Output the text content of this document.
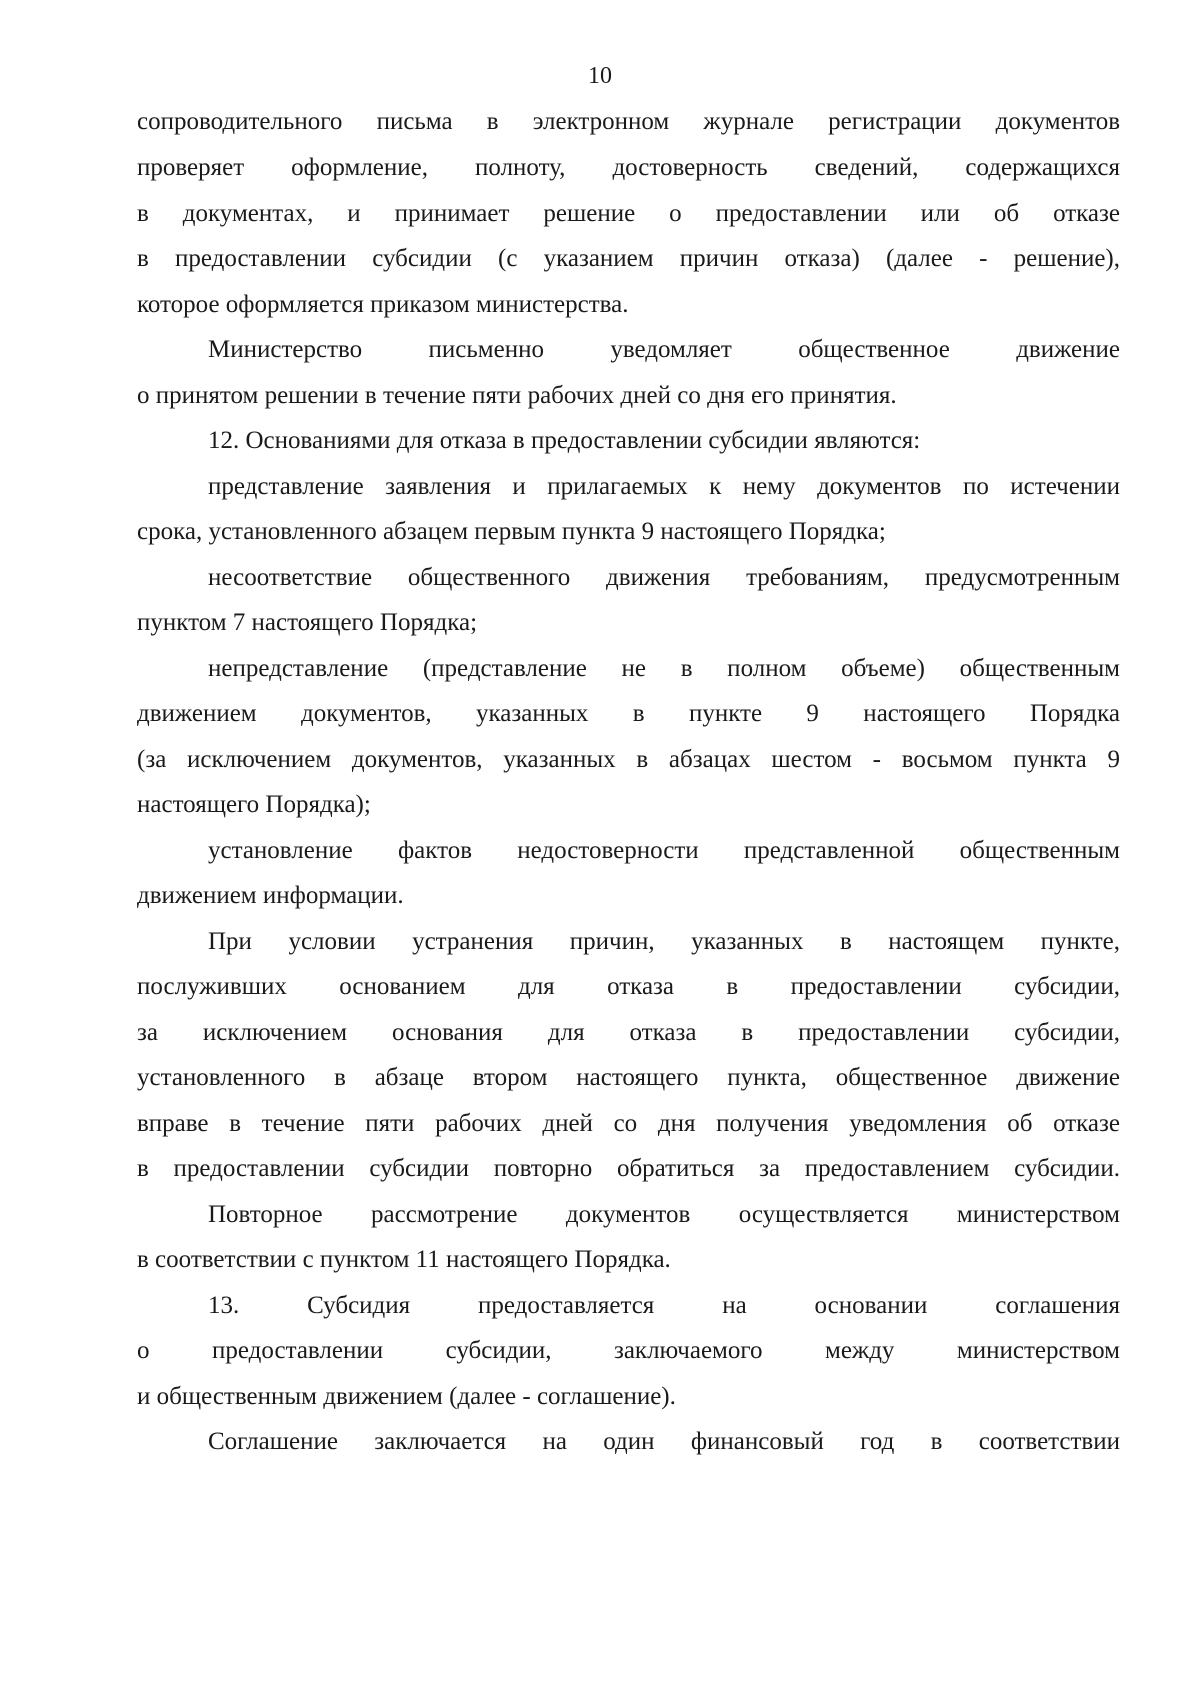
10
сопроводительного письма в электронном журнале регистрации документов
проверяет оформление, полноту, достоверность сведений, содержащихся
в документах, и принимает решение о предоставлении или об отказе
в предоставлении субсидии (с указанием причин отказа) (далее - решение),
которое оформляется приказом министерства.
Министерство письменно уведомляет общественное движение
о принятом решении в течение пяти рабочих дней со дня его принятия.
12. Основаниями для отказа в предоставлении субсидии являются:
представление заявления и прилагаемых к нему документов по истечении
срока, установленного абзацем первым пункта 9 настоящего Порядка;
несоответствие общественного движения требованиям, предусмотренным
пунктом 7 настоящего Порядка;
непредставление (представление не в полном объеме) общественным
движением документов, указанных в пункте 9 настоящего Порядка
(за исключением документов, указанных в абзацах шестом - восьмом пункта 9
настоящего Порядка);
установление фактов недостоверности представленной общественным
движением информации.
При условии устранения причин, указанных в настоящем пункте,
послуживших основанием для отказа в предоставлении субсидии,
за исключением основания для отказа в предоставлении субсидии,
установленного в абзаце втором настоящего пункта, общественное движение
вправе в течение пяти рабочих дней со дня получения уведомления об отказе
в предоставлении субсидии повторно обратиться за предоставлением субсидии.
Повторное рассмотрение документов осуществляется министерством
в соответствии с пунктом 11 настоящего Порядка.
13. Субсидия предоставляется на основании соглашения
о предоставлении субсидии, заключаемого между министерством
и общественным движением (далее - соглашение).
Соглашение заключается на один финансовый год в соответствии
